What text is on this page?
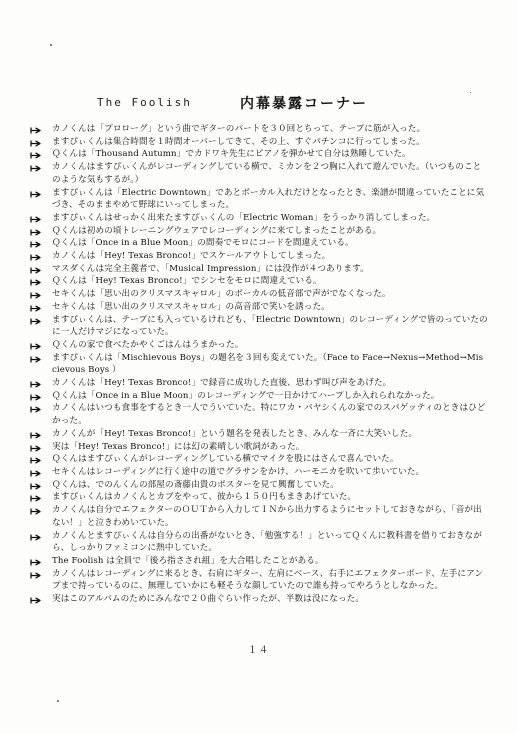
The Foolish	内幕暴露コーナー
カノくんは「プロローグ」という曲でギターのパートを３０回とちって、テープに筋が入った。
ますぴぃくんは集合時間を１時間オーバーしてきて、その上、すぐパチンコに行ってしまった。
Ｑくんは「Thousand Autumn」でカドワキ先生にピアノを弾かせて自分は熟睡していた。
カノくんはますぴぃくんがレコーディングしている横で、ミカンを２つ胸に入れて遊んでいた。（いつものことのような気もするが。）
ますぴぃくんは「Electric Downtown」であとボーカル入れだけとなったとき、楽譜が間違っていたことに気づき、そのままやめて野球にいってしまった。
ますぴぃくんはせっかく出来たますぴぃくんの「Electric Woman」をうっかり消してしまった。
Ｑくんは初めの頃トレーニングウェアでレコーディングに来てしまったことがある。
Ｑくんは「Once in a Blue Moon」の間奏でモロにコードを間違えている。
カノくんは「Hey! Texas Bronco!」でスケールアウトしてしまった。
マスダくんは完全主義者で、「Musical Impression」には没作が４つあります。
Ｑくんは「Hey! Texas Bronco!」でシンセをモロに間違えている。
セキくんは「思い出のクリスマスキャロル」のボーカルの低音部で声がでなくなった。
セキくんは「思い出のクリスマスキャロル」の高音部で笑いを誘った。
ますぴぃくんは、テープにも入っているけれども、「Electric Downtown」のレコーディングで皆のっていたのに一人だけマジになっていた。
Ｑくんの家で食べたかやくごはんはうまかった。
ますぴぃくんは「Mischievous Boys」の題名を３回も変えていた。（Face to Face→Nexus→Method→Miscievous Boys ）
カノくんは「Hey! Texas Bronco!」で録音に成功した直後、思わず叫び声をあげた。
Ｑくんは「Once in a Blue Moon」のレコーディングで一日かけてハープしか入れられなかった。
カノくんはいつも食事をするとき一人でういていた。特にワカ・バヤシくんの家でのスパゲッティのときはひどかった。
カノくんが「Hey! Texas Bronco!」という題名を発表したとき、みんな一斉に大笑いした。
実は「Hey! Texas Bronco!」には幻の素晴しい歌詞があった。
Ｑくんはますぴぃくんがレコーディングしている横でマイクを股にはさんで喜んでいた。
セキくんはレコーディングに行く途中の道でグラサンをかけ、ハーモニカを吹いて歩いていた。
Ｑくんは、でのんくんの部屋の斎藤由貴のポスターを見て興奮していた。
ますぴぃくんはカノくんとカブをやって、彼から１５０円もまきあげていた。
カノくんは自分でエフェクターのＯＵＴから入力してＩＮから出力するようにセットしておきながら、「音が出ない！」と泣きわめいていた。
カノくんとますぴぃくんは自分らの出番がないとき、「勉強する！」といってＱくんに教科書を借りておきながら、しっかりファミコンに熱中していた。
The Foolish は全員で「後ろ指さされ組」を大合唱したことがある。
カノくんはレコーディングに来るとき、右肩にギター、左肩にベース、右手にエフェクターボード、左手にアンプまで持っているのに、無理していかにも軽そうな顔していたので誰も持ってやろうとしなかった。
実はこのアルバムのためにみんなで２０曲ぐらい作ったが、半数は没になった。
１４
